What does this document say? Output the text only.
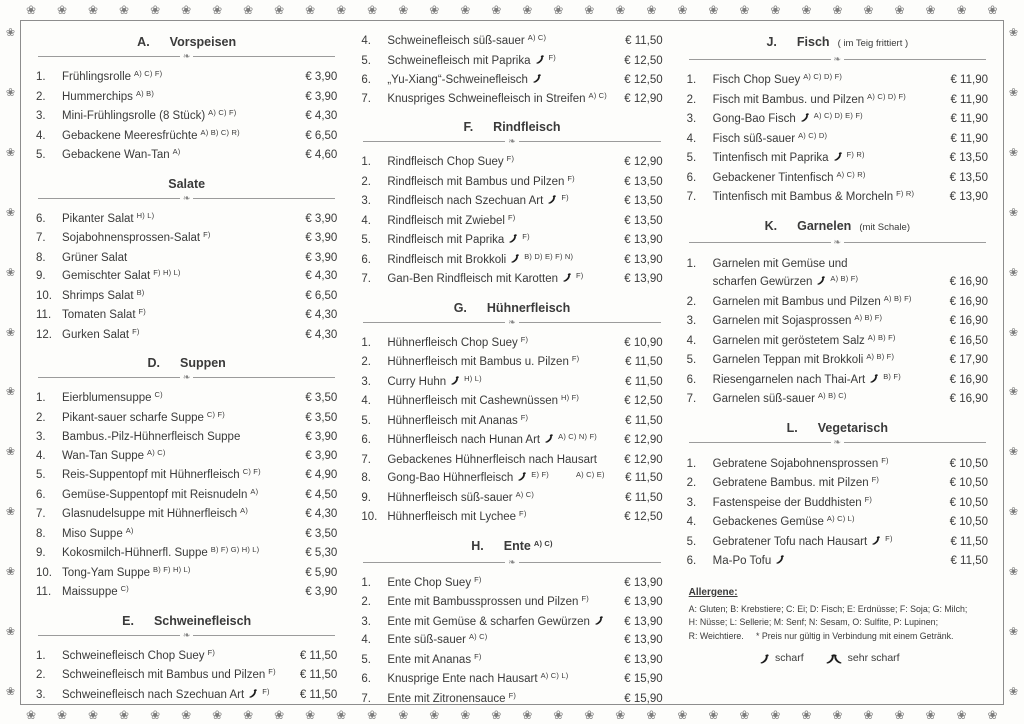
❀ ❀ ❀ ❀ ❀ ❀ ❀ ❀ ❀ ❀ ❀ ❀ ❀ ❀ ❀ ❀ ❀ ❀ ❀ ❀ ❀ ❀ ❀ ❀ ❀ ❀ ❀ ❀ ❀ ❀ ❀ ❀
❀ ❀ ❀ ❀ ❀ ❀ ❀ ❀ ❀ ❀ ❀ ❀ ❀ ❀ ❀ ❀ ❀ ❀ ❀ ❀ ❀ ❀ ❀ ❀ ❀ ❀ ❀ ❀ ❀ ❀ ❀ ❀
❀
❀
❀
❀
❀
❀
❀
❀
❀
❀
❀
❀
❀
❀
❀
❀
❀
❀
❀
❀
❀
❀
❀
❀
A. Vorspeisen
❧
1.	Frühlingsrolle $^{A) C) F)}$	€ 3,90
2.	Hummerchips $^{A) B)}$	€ 3,90
3.	Mini-Frühlingsrolle (8 Stück) $^{A) C) F)}$	€ 4,30
4.	Gebackene Meeresfrüchte $^{A) B) C) R)}$	€ 6,50
5.	Gebackene Wan-Tan $^{A)}$	€ 4,60
Salate
❧
6.	Pikanter Salat $^{H) L)}$	€ 3,90
7.	Sojabohnensprossen-Salat $^{F)}$	€ 3,90
8.	Grüner Salat	€ 3,90
9.	Gemischter Salat $^{F) H) L)}$	€ 4,30
10. Shrimps Salat $^{B)}$	€ 6,50
11. Tomaten Salat $^{F)}$	€ 4,30
12. Gurken Salat $^{F)}$	€ 4,30
D. Suppen
❧
1.	Eierblumensuppe $^{C)}$	€ 3,50
2.	Pikant-sauer scharfe Suppe $^{C) F)}$	€ 3,50
3.	Bambus.-Pilz-Hühnerfleisch Suppe	€ 3,90
4.	Wan-Tan Suppe $^{A) C)}$	€ 3,90
5.	Reis-Suppentopf mit Hühnerfleisch $^{C) F)}$	€ 4,90
6.	Gemüse-Suppentopf mit Reisnudeln $^{A)}$	€ 4,50
7.	Glasnudelsuppe mit Hühnerfleisch $^{A)}$	€ 4,30
8.	Miso Suppe $^{A)}$	€ 3,50
9.	Kokosmilch-Hühnerfl. Suppe $^{B) F) G) H) L)}$	€ 5,30
10. Tong-Yam Suppe $^{B) F) H) L)}$	€ 5,90
11. Maissuppe $^{C)}$	€ 3,90
E. Schweinefleisch
❧
1.	Schweinefleisch Chop Suey $^{F)}$	€ 11,50
2.	Schweinefleisch mit Bambus und Pilzen $^{F)}$	€ 11,50
3.	Schweinefleisch nach Szechuan Art $^{F)}$	€ 11,50
4.	Schweinefleisch süß-sauer $^{A) C)}$	€ 11,50
5.	Schweinefleisch mit Paprika $^{F)}$	€ 12,50
6.	„Yu-Xiang“-Schweinefleisch	€ 12,50
7.	Knuspriges Schweinefleisch in Streifen $^{A) C)}$	€ 12,90
F. Rindfleisch
❧
1.	Rindfleisch Chop Suey $^{F)}$	€ 12,90
2.	Rindfleisch mit Bambus und Pilzen $^{F)}$	€ 13,50
3.	Rindfleisch nach Szechuan Art $^{F)}$	€ 13,50
4.	Rindfleisch mit Zwiebel $^{F)}$	€ 13,50
5.	Rindfleisch mit Paprika $^{F)}$	€ 13,90
6.	Rindfleisch mit Brokkoli $^{B) D) E) F) N)}$	€ 13,90
7.	Gan-Ben Rindfleisch mit Karotten $^{F)}$	€ 13,90
G. Hühnerfleisch
❧
1.	Hühnerfleisch Chop Suey $^{F)}$	€ 10,90
2.	Hühnerfleisch mit Bambus u. Pilzen $^{F)}$	€ 11,50
3.	Curry Huhn $^{H) L)}$	€ 11,50
4.	Hühnerfleisch mit Cashewnüssen $^{H) F)}$	€ 12,50
5.	Hühnerfleisch mit Ananas $^{F)}$	€ 11,50
6.	Hühnerfleisch nach Hunan Art $^{A) C) N) F)}$	€ 12,90
7.	Gebackenes Hühnerfleisch nach Hausart	€ 12,90
8.	Gong-Bao Hühnerfleisch $^{E) F)}$	A) C) E)	€ 11,50
9.	Hühnerfleisch süß-sauer $^{A) C)}$	€ 11,50
10. Hühnerfleisch mit Lychee $^{F)}$	€ 12,50
H. Ente $^{A) C)}$
❧
1.	Ente Chop Suey $^{F)}$	€ 13,90
2.	Ente mit Bambussprossen und Pilzen $^{F)}$	€ 13,90
3.	Ente mit Gemüse & scharfen Gewürzen	€ 13,90
4.	Ente süß-sauer $^{A) C)}$	€ 13,90
5.	Ente mit Ananas $^{F)}$	€ 13,90
6.	Knusprige Ente nach Hausart $^{A) C) L)}$	€ 15,90
7.	Ente mit Zitronensauce $^{F)}$	€ 15,90
J. Fisch ( im Teig frittiert )
❧
1.	Fisch Chop Suey $^{A) C) D) F)}$	€ 11,90
2.	Fisch mit Bambus. und Pilzen $^{A) C) D) F)}$	€ 11,90
3.	Gong-Bao Fisch $^{A) C) D) E) F)}$	€ 11,90
4.	Fisch süß-sauer $^{A) C) D)}$	€ 11,90
5.	Tintenfisch mit Paprika $^{F) R)}$	€ 13,50
6.	Gebackener Tintenfisch $^{A) C) R)}$	€ 13,50
7.	Tintenfisch mit Bambus & Morcheln $^{F) R)}$	€ 13,90
K. Garnelen (mit Schale)
❧
1.	Garnelen mit Gemüse und
scharfen Gewürzen $^{A) B) F)}$	€ 16,90
2.	Garnelen mit Bambus und Pilzen $^{A) B) F)}$	€ 16,90
3.	Garnelen mit Sojasprossen $^{A) B) F)}$	€ 16,90
4.	Garnelen mit geröstetem Salz $^{A) B) F)}$	€ 16,50
5.	Garnelen Teppan mit Brokkoli $^{A) B) F)}$	€ 17,90
6.	Riesengarnelen nach Thai-Art $^{B) F)}$	€ 16,90
7.	Garnelen süß-sauer $^{A) B) C)}$	€ 16,90
L. Vegetarisch
❧
1.	Gebratene Sojabohnensprossen $^{F)}$	€ 10,50
2.	Gebratene Bambus. mit Pilzen $^{F)}$	€ 10,50
3.	Fastenspeise der Buddhisten $^{F)}$	€ 10,50
4.	Gebackenes Gemüse $^{A) C) L)}$	€ 10,50
5.	Gebratener Tofu nach Hausart $^{F)}$	€ 11,50
6.	Ma-Po Tofu	€ 11,50
Allergene:
A: Gluten; B: Krebstiere; C: Ei; D: Fisch; E: Erdnüsse; F: Soja; G: Milch;
H: Nüsse; L: Sellerie; M: Senf; N: Sesam, O: Sulfite, P: Lupinen;
R: Weichtiere.     * Preis nur gültig in Verbindung mit einem Getränk.
scharf	sehr scharf
